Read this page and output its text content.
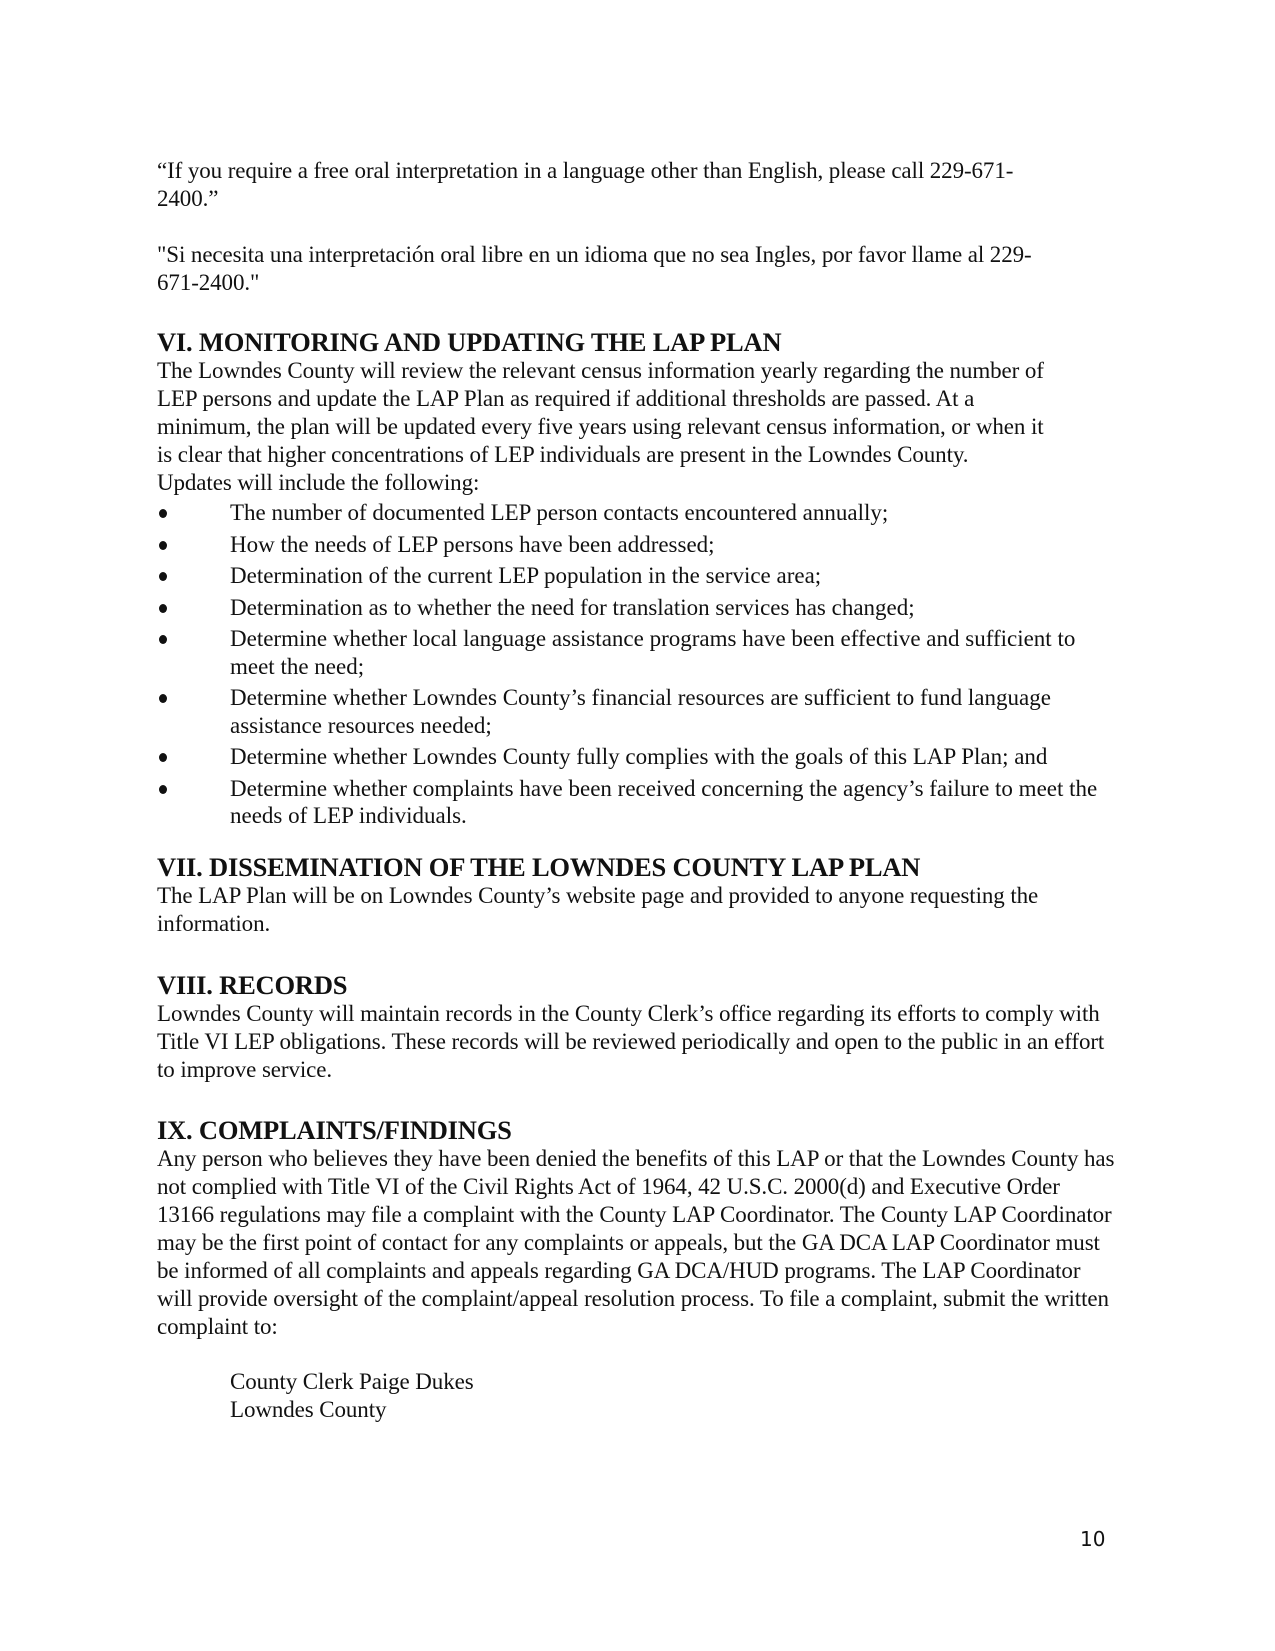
“If you require a free oral interpretation in a language other than English, please call 229-671-
2400.”
"Si necesita una interpretación oral libre en un idioma que no sea Ingles, por favor llame al 229-
671-2400."
VI. MONITORING AND UPDATING THE LAP PLAN
The Lowndes County will review the relevant census information yearly regarding the number of
LEP persons and update the LAP Plan as required if additional thresholds are passed. At a
minimum, the plan will be updated every five years using relevant census information, or when it
is clear that higher concentrations of LEP individuals are present in the Lowndes County.
Updates will include the following:
The number of documented LEP person contacts encountered annually;
How the needs of LEP persons have been addressed;
Determination of the current LEP population in the service area;
Determination as to whether the need for translation services has changed;
Determine whether local language assistance programs have been effective and sufficient to meet the need;
Determine whether Lowndes County’s financial resources are sufficient to fund language assistance resources needed;
Determine whether Lowndes County fully complies with the goals of this LAP Plan; and
Determine whether complaints have been received concerning the agency’s failure to meet the needs of LEP individuals.
VII. DISSEMINATION OF THE LOWNDES COUNTY LAP PLAN

The LAP Plan will be on Lowndes County’s website page and provided to anyone requesting the information.

VIII. RECORDS

Lowndes County will maintain records in the County Clerk’s office regarding its efforts to comply with Title VI LEP obligations. These records will be reviewed periodically and open to the public in an effort to improve service.

IX. COMPLAINTS/FINDINGS

Any person who believes they have been denied the benefits of this LAP or that the Lowndes County has not complied with Title VI of the Civil Rights Act of 1964, 42 U.S.C. 2000(d) and Executive Order 13166 regulations may file a complaint with the County LAP Coordinator. The County LAP Coordinator may be the first point of contact for any complaints or appeals, but the GA DCA LAP Coordinator must be informed of all complaints and appeals regarding GA DCA/HUD programs. The LAP Coordinator will provide oversight of the complaint/appeal resolution process. To file a complaint, submit the written complaint to:

County Clerk Paige Dukes
Lowndes County
10
